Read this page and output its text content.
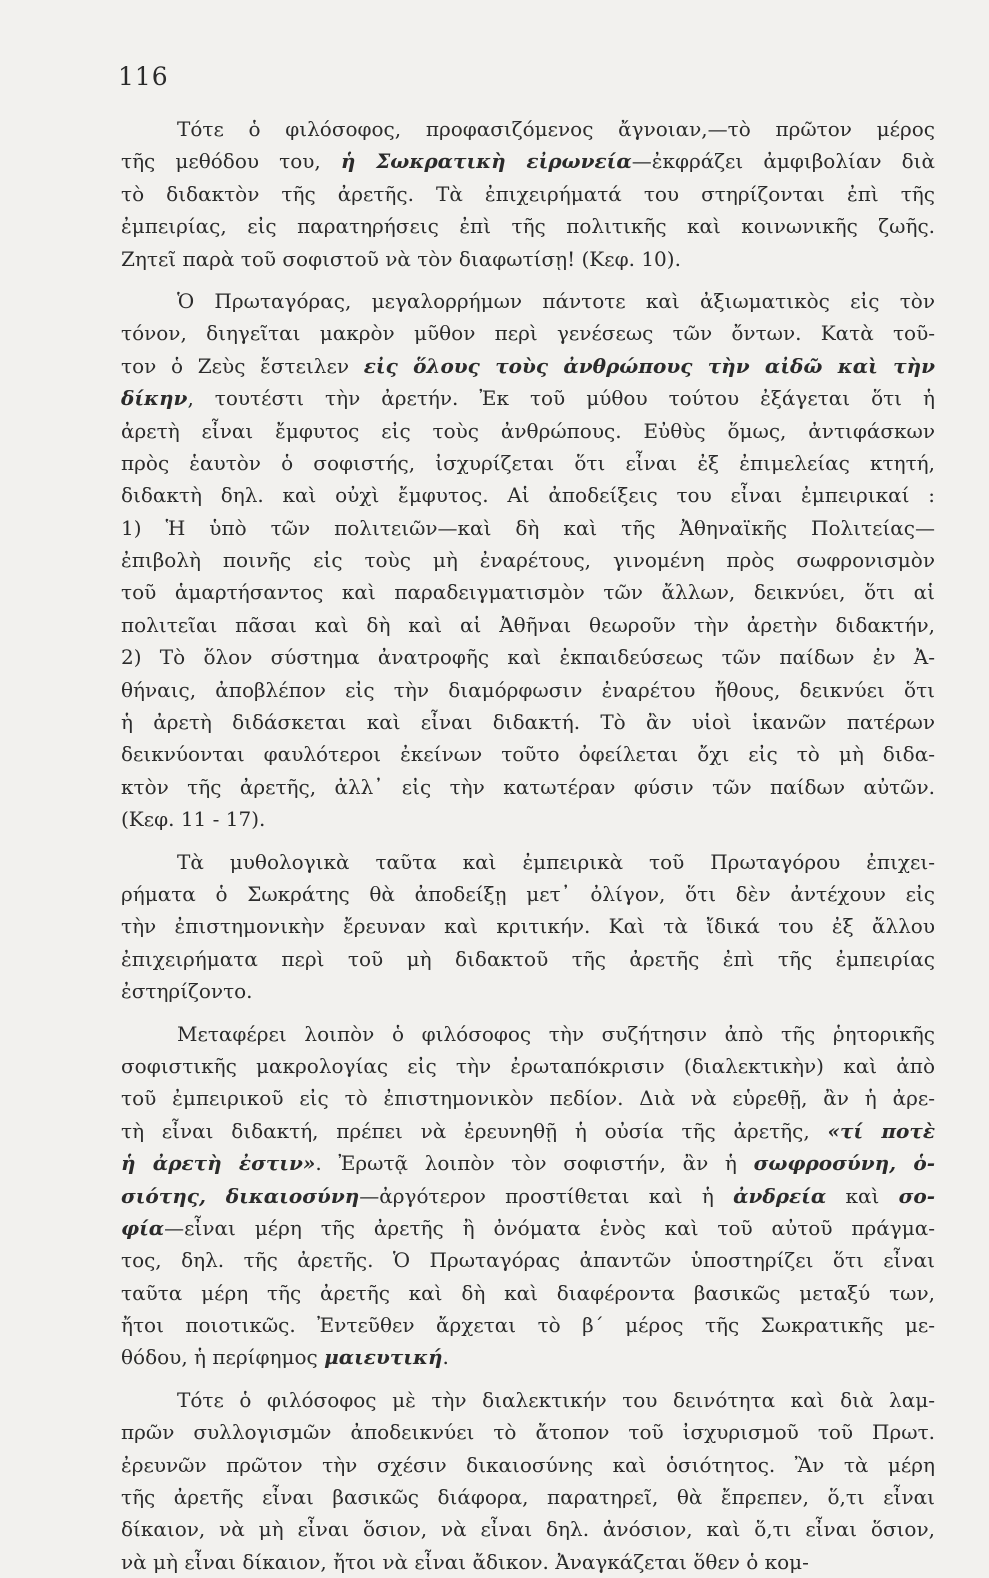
116
Τότε ὁ φιλόσοφος, προφασιζόμενος ἄγνοιαν,—τὸ πρῶτον μέρος
τῆς μεθόδου του, ἡ Σωκρατικὴ εἰρωνεία—ἐκφράζει ἀμφιβολίαν διὰ
τὸ διδακτὸν τῆς ἀρετῆς. Τὰ ἐπιχειρήματά του στηρίζονται ἐπὶ τῆς
ἐμπειρίας, εἰς παρατηρήσεις ἐπὶ τῆς πολιτικῆς καὶ κοινωνικῆς ζωῆς.
Ζητεῖ παρὰ τοῦ σοφιστοῦ νὰ τὸν διαφωτίσῃ! (Κεφ. 10).
Ὁ Πρωταγόρας, μεγαλορρήμων πάντοτε καὶ ἀξιωματικὸς εἰς τὸν
τόνον, διηγεῖται μακρὸν μῦθον περὶ γενέσεως τῶν ὄντων. Κατὰ τοῦ-
τον ὁ Ζεὺς ἔστειλεν εἰς ὅλους τοὺς ἀνθρώπους τὴν αἰδῶ καὶ τὴν
δίκην, τουτέστι τὴν ἀρετήν. Ἐκ τοῦ μύθου τούτου ἐξάγεται ὅτι ἡ
ἀρετὴ εἶναι ἔμφυτος εἰς τοὺς ἀνθρώπους. Εὐθὺς ὅμως, ἀντιφάσκων
πρὸς ἑαυτὸν ὁ σοφιστής, ἰσχυρίζεται ὅτι εἶναι ἐξ ἐπιμελείας κτητή,
διδακτὴ δηλ. καὶ οὐχὶ ἔμφυτος. Αἱ ἀποδείξεις του εἶναι ἐμπειρικαί :
1) Ἡ ὑπὸ τῶν πολιτειῶν—καὶ δὴ καὶ τῆς Ἀθηναϊκῆς Πολιτείας—
ἐπιβολὴ ποινῆς εἰς τοὺς μὴ ἐναρέτους, γινομένη πρὸς σωφρονισμὸν
τοῦ ἁμαρτήσαντος καὶ παραδειγματισμὸν τῶν ἄλλων, δεικνύει, ὅτι αἱ
πολιτεῖαι πᾶσαι καὶ δὴ καὶ αἱ Ἀθῆναι θεωροῦν τὴν ἀρετὴν διδακτήν,
2) Τὸ ὅλον σύστημα ἀνατροφῆς καὶ ἐκπαιδεύσεως τῶν παίδων ἐν Ἀ-
θήναις, ἀποβλέπον εἰς τὴν διαμόρφωσιν ἐναρέτου ἤθους, δεικνύει ὅτι
ἡ ἀρετὴ διδάσκεται καὶ εἶναι διδακτή. Τὸ ἂν υἱοὶ ἱκανῶν πατέρων
δεικνύονται φαυλότεροι ἐκείνων τοῦτο ὀφείλεται ὄχι εἰς τὸ μὴ διδα-
κτὸν τῆς ἀρετῆς, ἀλλ᾽ εἰς τὴν κατωτέραν φύσιν τῶν παίδων αὐτῶν.
(Κεφ. 11 - 17).
Τὰ μυθολογικὰ ταῦτα καὶ ἐμπειρικὰ τοῦ Πρωταγόρου ἐπιχει-
ρήματα ὁ Σωκράτης θὰ ἀποδείξῃ μετ᾽ ὀλίγον, ὅτι δὲν ἀντέχουν εἰς
τὴν ἐπιστημονικὴν ἔρευναν καὶ κριτικήν. Καὶ τὰ ἴδικά του ἐξ ἄλλου
ἐπιχειρήματα περὶ τοῦ μὴ διδακτοῦ τῆς ἀρετῆς ἐπὶ τῆς ἐμπειρίας
ἐστηρίζοντο.
Μεταφέρει λοιπὸν ὁ φιλόσοφος τὴν συζήτησιν ἀπὸ τῆς ῥητορικῆς
σοφιστικῆς μακρολογίας εἰς τὴν ἐρωταπόκρισιν (διαλεκτικὴν) καὶ ἀπὸ
τοῦ ἐμπειρικοῦ εἰς τὸ ἐπιστημονικὸν πεδίον. Διὰ νὰ εὑρεθῇ, ἂν ἡ ἀρε-
τὴ εἶναι διδακτή, πρέπει νὰ ἐρευνηθῇ ἡ οὐσία τῆς ἀρετῆς, «τί ποτὲ
ἡ ἀρετὴ ἐστιν». Ἐρωτᾷ λοιπὸν τὸν σοφιστήν, ἂν ἡ σωφροσύνη, ὁ-
σιότης, δικαιοσύνη—ἀργότερον προστίθεται καὶ ἡ ἀνδρεία καὶ σο-
φία—εἶναι μέρη τῆς ἀρετῆς ἢ ὀνόματα ἑνὸς καὶ τοῦ αὐτοῦ πράγμα-
τος, δηλ. τῆς ἀρετῆς. Ὁ Πρωταγόρας ἀπαντῶν ὑποστηρίζει ὅτι εἶναι
ταῦτα μέρη τῆς ἀρετῆς καὶ δὴ καὶ διαφέροντα βασικῶς μεταξύ των,
ἤτοι ποιοτικῶς. Ἐντεῦθεν ἄρχεται τὸ β΄ μέρος τῆς Σωκρατικῆς με-
θόδου, ἡ περίφημος μαιευτική.
Τότε ὁ φιλόσοφος μὲ τὴν διαλεκτικήν του δεινότητα καὶ διὰ λαμ-
πρῶν συλλογισμῶν ἀποδεικνύει τὸ ἄτοπον τοῦ ἰσχυρισμοῦ τοῦ Πρωτ.
ἐρευνῶν πρῶτον τὴν σχέσιν δικαιοσύνης καὶ ὁσιότητος. Ἂν τὰ μέρη
τῆς ἀρετῆς εἶναι βασικῶς διάφορα, παρατηρεῖ, θὰ ἔπρεπεν, ὅ,τι εἶναι
δίκαιον, νὰ μὴ εἶναι ὅσιον, νὰ εἶναι δηλ. ἀνόσιον, καὶ ὅ,τι εἶναι ὅσιον,
νὰ μὴ εἶναι δίκαιον, ἤτοι νὰ εἶναι ἄδικον. Ἀναγκάζεται ὅθεν ὁ κομ-
